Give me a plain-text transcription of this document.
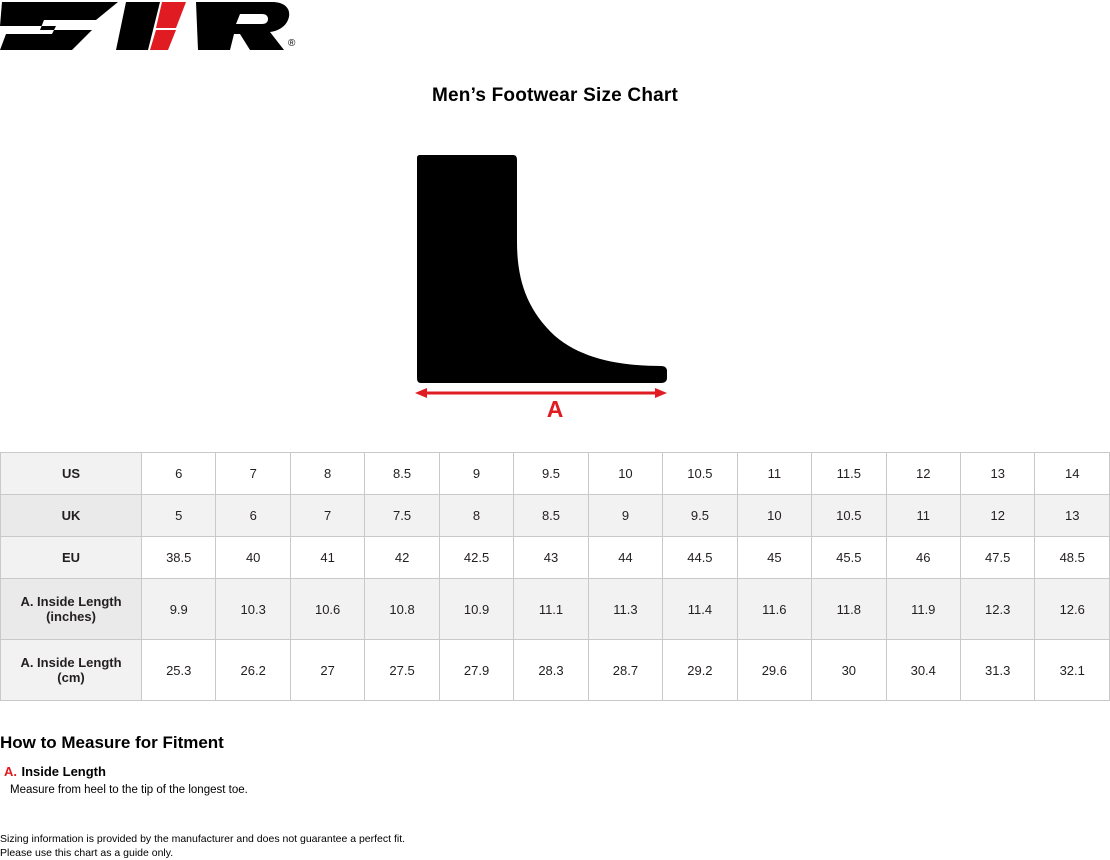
®
Men’s Footwear Size Chart
A
US	6	7	8	8.5	9	9.5	10	10.5	11	11.5	12	13	14
UK	5	6	7	7.5	8	8.5	9	9.5	10	10.5	11	12	13
EU	38.5	40	41	42	42.5	43	44	44.5	45	45.5	46	47.5	48.5
A. Inside Length
(inches)	9.9	10.3	10.6	10.8	10.9	11.1	11.3	11.4	11.6	11.8	11.9	12.3	12.6
A. Inside Length
(cm)	25.3	26.2	27	27.5	27.9	28.3	28.7	29.2	29.6	30	30.4	31.3	32.1
How to Measure for Fitment
A. Inside Length
Measure from heel to the tip of the longest toe.
Sizing information is provided by the manufacturer and does not guarantee a perfect fit.
Please use this chart as a guide only.
